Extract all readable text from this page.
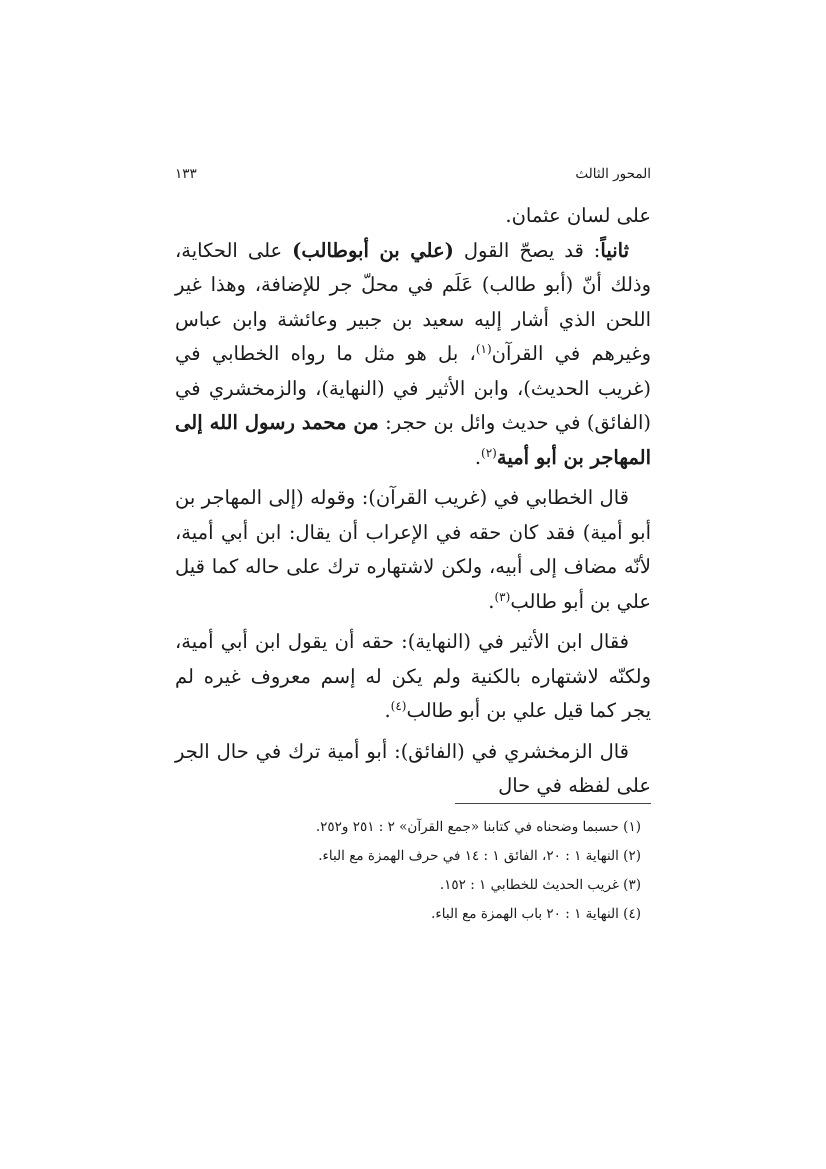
المحور الثالث
١٣٣

على لسان عثمان.

ثانياً: قد يصحّ القول (علي بن أبوطالب) على الحكاية، وذلك أنّ (أبو طالب) عَلَم في محلّ جر للإضافة، وهذا غير اللحن الذي أشار إليه سعيد بن جبير وعائشة وابن عباس وغيرهم في القرآن$^{(١)}$، بل هو مثل ما رواه الخطابي في (غريب الحديث)، وابن الأثير في (النهاية)، والزمخشري في (الفائق) في حديث وائل بن حجر: من محمد رسول الله إلى المهاجر بن أبو أمية$^{(٢)}$.

قال الخطابي في (غريب القرآن): وقوله (إلى المهاجر بن أبو أمية) فقد كان حقه في الإعراب أن يقال: ابن أبي أمية، لأنّه مضاف إلى أبيه، ولكن لاشتهاره ترك على حاله كما قيل علي بن أبو طالب$^{(٣)}$.

فقال ابن الأثير في (النهاية): حقه أن يقول ابن أبي أمية، ولكنّه لاشتهاره بالكنية ولم يكن له إسم معروف غيره لم يجر كما قيل علي بن أبو طالب$^{(٤)}$.

قال الزمخشري في (الفائق): أبو أمية ترك في حال الجر على لفظه في حال

(١) حسبما وضحناه في كتابنا «جمع القرآن» ٢ : ٢٥١ و٢٥٢.

(٢) النهاية ١ : ٢٠، الفائق ١ : ١٤ في حرف الهمزة مع الباء.

(٣) غريب الحديث للخطابي ١ : ١٥٢.

(٤) النهاية ١ : ٢٠ باب الهمزة مع الباء.
